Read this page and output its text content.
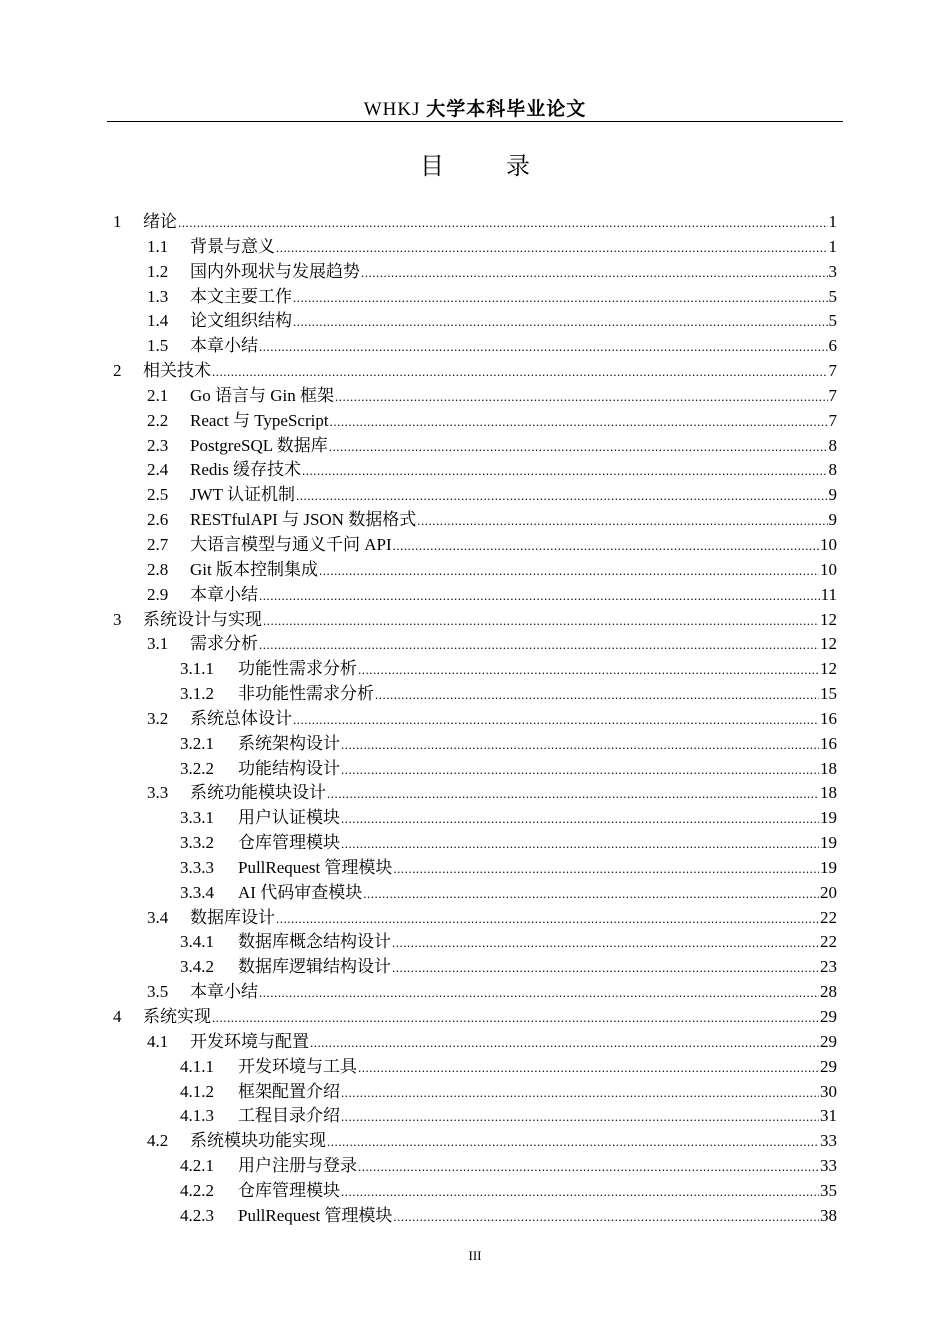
WHKJ 大学本科毕业论文
目 录
1	绪论 .....	1
1.1	背景与意义 .....	1
1.2	国内外现状与发展趋势 .....	3
1.3	本文主要工作 .....	5
1.4	论文组织结构 .....	5
1.5	本章小结 .....	6
2	相关技术 .....	7
2.1	Go 语言与 Gin 框架 .....	7
2.2	React 与 TypeScript .....	7
2.3	PostgreSQL 数据库 .....	8
2.4	Redis 缓存技术 .....	8
2.5	JWT 认证机制 .....	9
2.6	RESTfulAPI 与 JSON 数据格式 .....	9
2.7	大语言模型与通义千问 API .....	10
2.8	Git 版本控制集成 .....	10
2.9	本章小结 .....	11
3	系统设计与实现 .....	12
3.1	需求分析 .....	12
3.1.1	功能性需求分析 .....	12
3.1.2	非功能性需求分析 .....	15
3.2	系统总体设计 .....	16
3.2.1	系统架构设计 .....	16
3.2.2	功能结构设计 .....	18
3.3	系统功能模块设计 .....	18
3.3.1	用户认证模块 .....	19
3.3.2	仓库管理模块 .....	19
3.3.3	PullRequest 管理模块 .....	19
3.3.4	AI 代码审查模块 .....	20
3.4	数据库设计 .....	22
3.4.1	数据库概念结构设计 .....	22
3.4.2	数据库逻辑结构设计 .....	23
3.5	本章小结 .....	28
4	系统实现 .....	29
4.1	开发环境与配置 .....	29
4.1.1	开发环境与工具 .....	29
4.1.2	框架配置介绍 .....	30
4.1.3	工程目录介绍 .....	31
4.2	系统模块功能实现 .....	33
4.2.1	用户注册与登录 .....	33
4.2.2	仓库管理模块 .....	35
4.2.3	PullRequest 管理模块 .....	38
III
